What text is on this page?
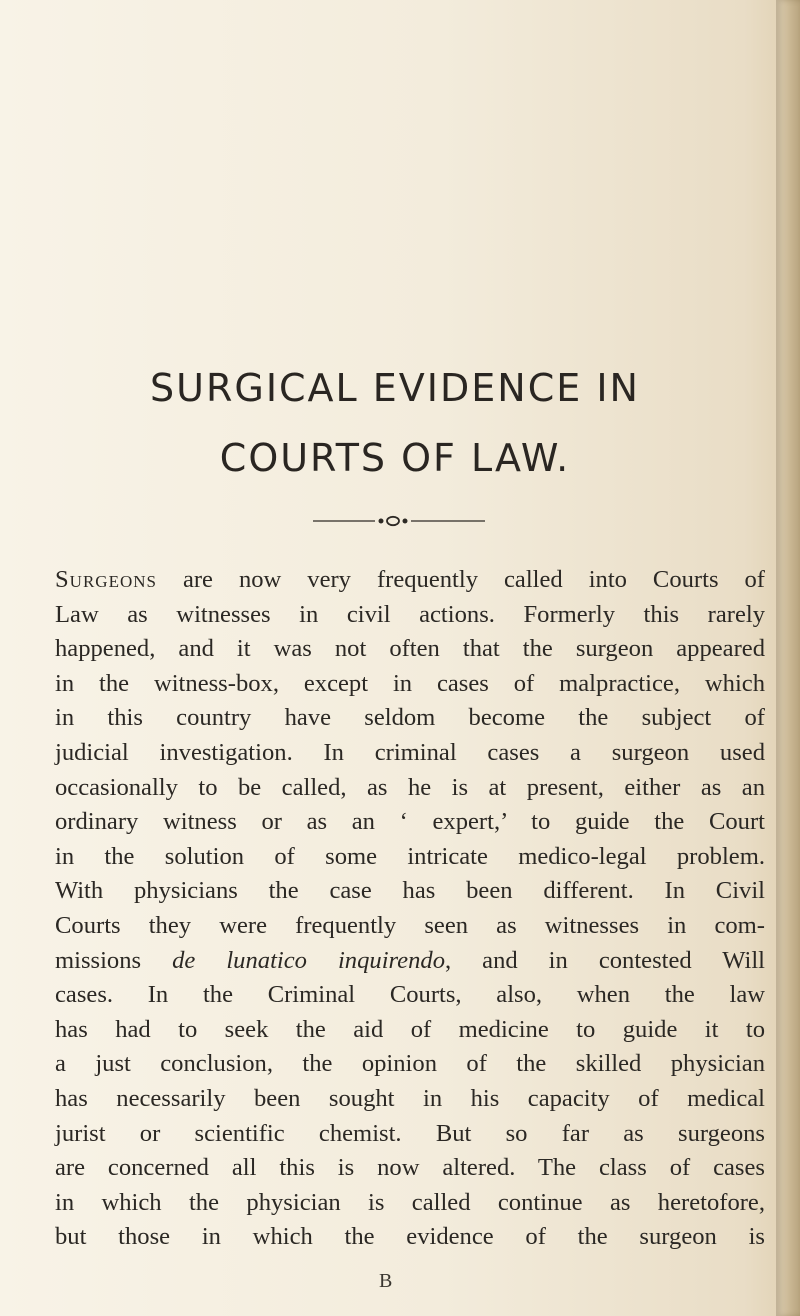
SURGICAL EVIDENCE IN
COURTS OF LAW.
Surgeons are now very frequently called into Courts of
Law as witnesses in civil actions. Formerly this rarely
happened, and it was not often that the surgeon appeared
in the witness-box, except in cases of malpractice, which
in this country have seldom become the subject of
judicial investigation. In criminal cases a surgeon used
occasionally to be called, as he is at present, either as an
ordinary witness or as an ‘ expert,’ to guide the Court
in the solution of some intricate medico-legal problem.
With physicians the case has been different. In Civil
Courts they were frequently seen as witnesses in com-
missions de lunatico inquirendo, and in contested Will
cases. In the Criminal Courts, also, when the law
has had to seek the aid of medicine to guide it to
a just conclusion, the opinion of the skilled physician
has necessarily been sought in his capacity of medical
jurist or scientific chemist. But so far as surgeons
are concerned all this is now altered. The class of cases
in which the physician is called continue as heretofore,
but those in which the evidence of the surgeon is
B
